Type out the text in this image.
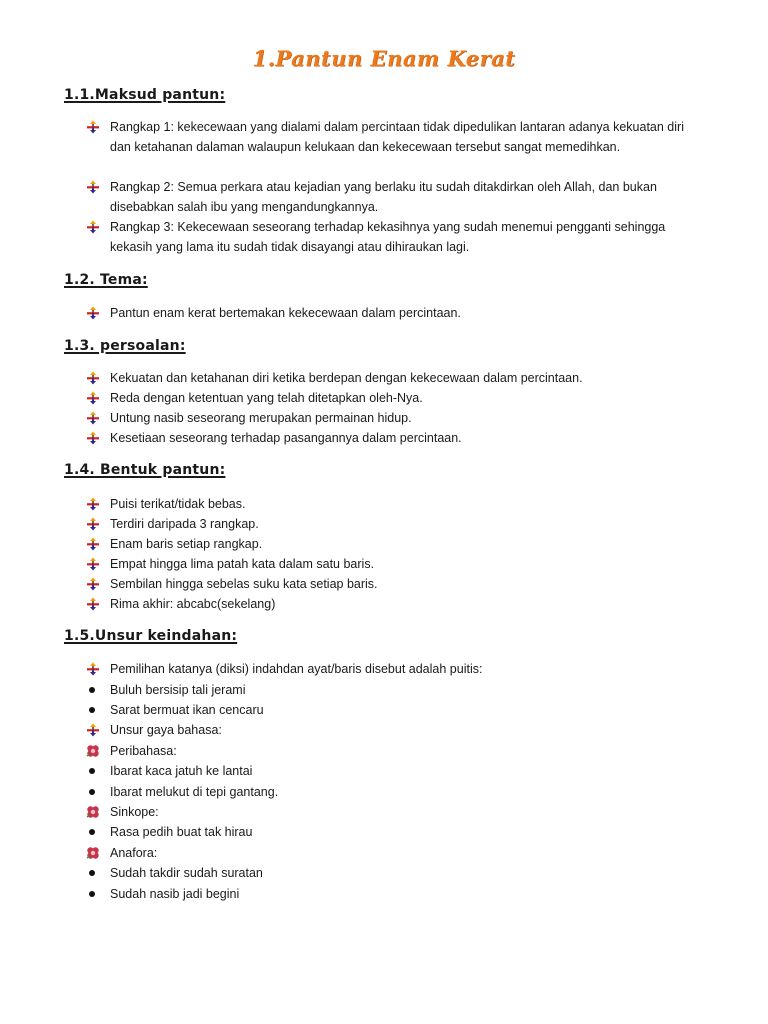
1.Pantun Enam Kerat
1.1.Maksud pantun:
Rangkap 1: kekecewaan yang dialami dalam percintaan tidak dipedulikan lantaran adanya kekuatan diri dan ketahanan dalaman walaupun kelukaan dan kekecewaan tersebut sangat memedihkan.
Rangkap 2: Semua perkara atau kejadian yang berlaku itu sudah ditakdirkan oleh Allah, dan bukan disebabkan salah ibu yang mengandungkannya.
Rangkap 3: Kekecewaan seseorang terhadap kekasihnya yang sudah menemui pengganti sehingga kekasih yang lama itu sudah tidak disayangi atau dihiraukan lagi.
1.2. Tema:
Pantun enam kerat bertemakan kekecewaan dalam percintaan.
1.3. persoalan:
Kekuatan dan ketahanan diri ketika berdepan dengan kekecewaan dalam percintaan.
Reda dengan ketentuan yang telah ditetapkan oleh-Nya.
Untung nasib seseorang merupakan permainan hidup.
Kesetiaan seseorang terhadap pasangannya dalam percintaan.
1.4. Bentuk pantun:
Puisi terikat/tidak bebas.
Terdiri daripada 3 rangkap.
Enam baris setiap rangkap.
Empat hingga lima patah kata dalam satu baris.
Sembilan hingga sebelas suku kata setiap baris.
Rima akhir: abcabc(sekelang)
1.5.Unsur keindahan:
Pemilihan katanya (diksi) indahdan ayat/baris disebut adalah puitis:
Buluh bersisip tali jerami
Sarat bermuat ikan cencaru
Unsur gaya bahasa:
Peribahasa:
Ibarat kaca jatuh ke lantai
Ibarat melukut di tepi gantang.
Sinkope:
Rasa pedih buat tak hirau
Anafora:
Sudah takdir sudah suratan
Sudah nasib jadi begini
